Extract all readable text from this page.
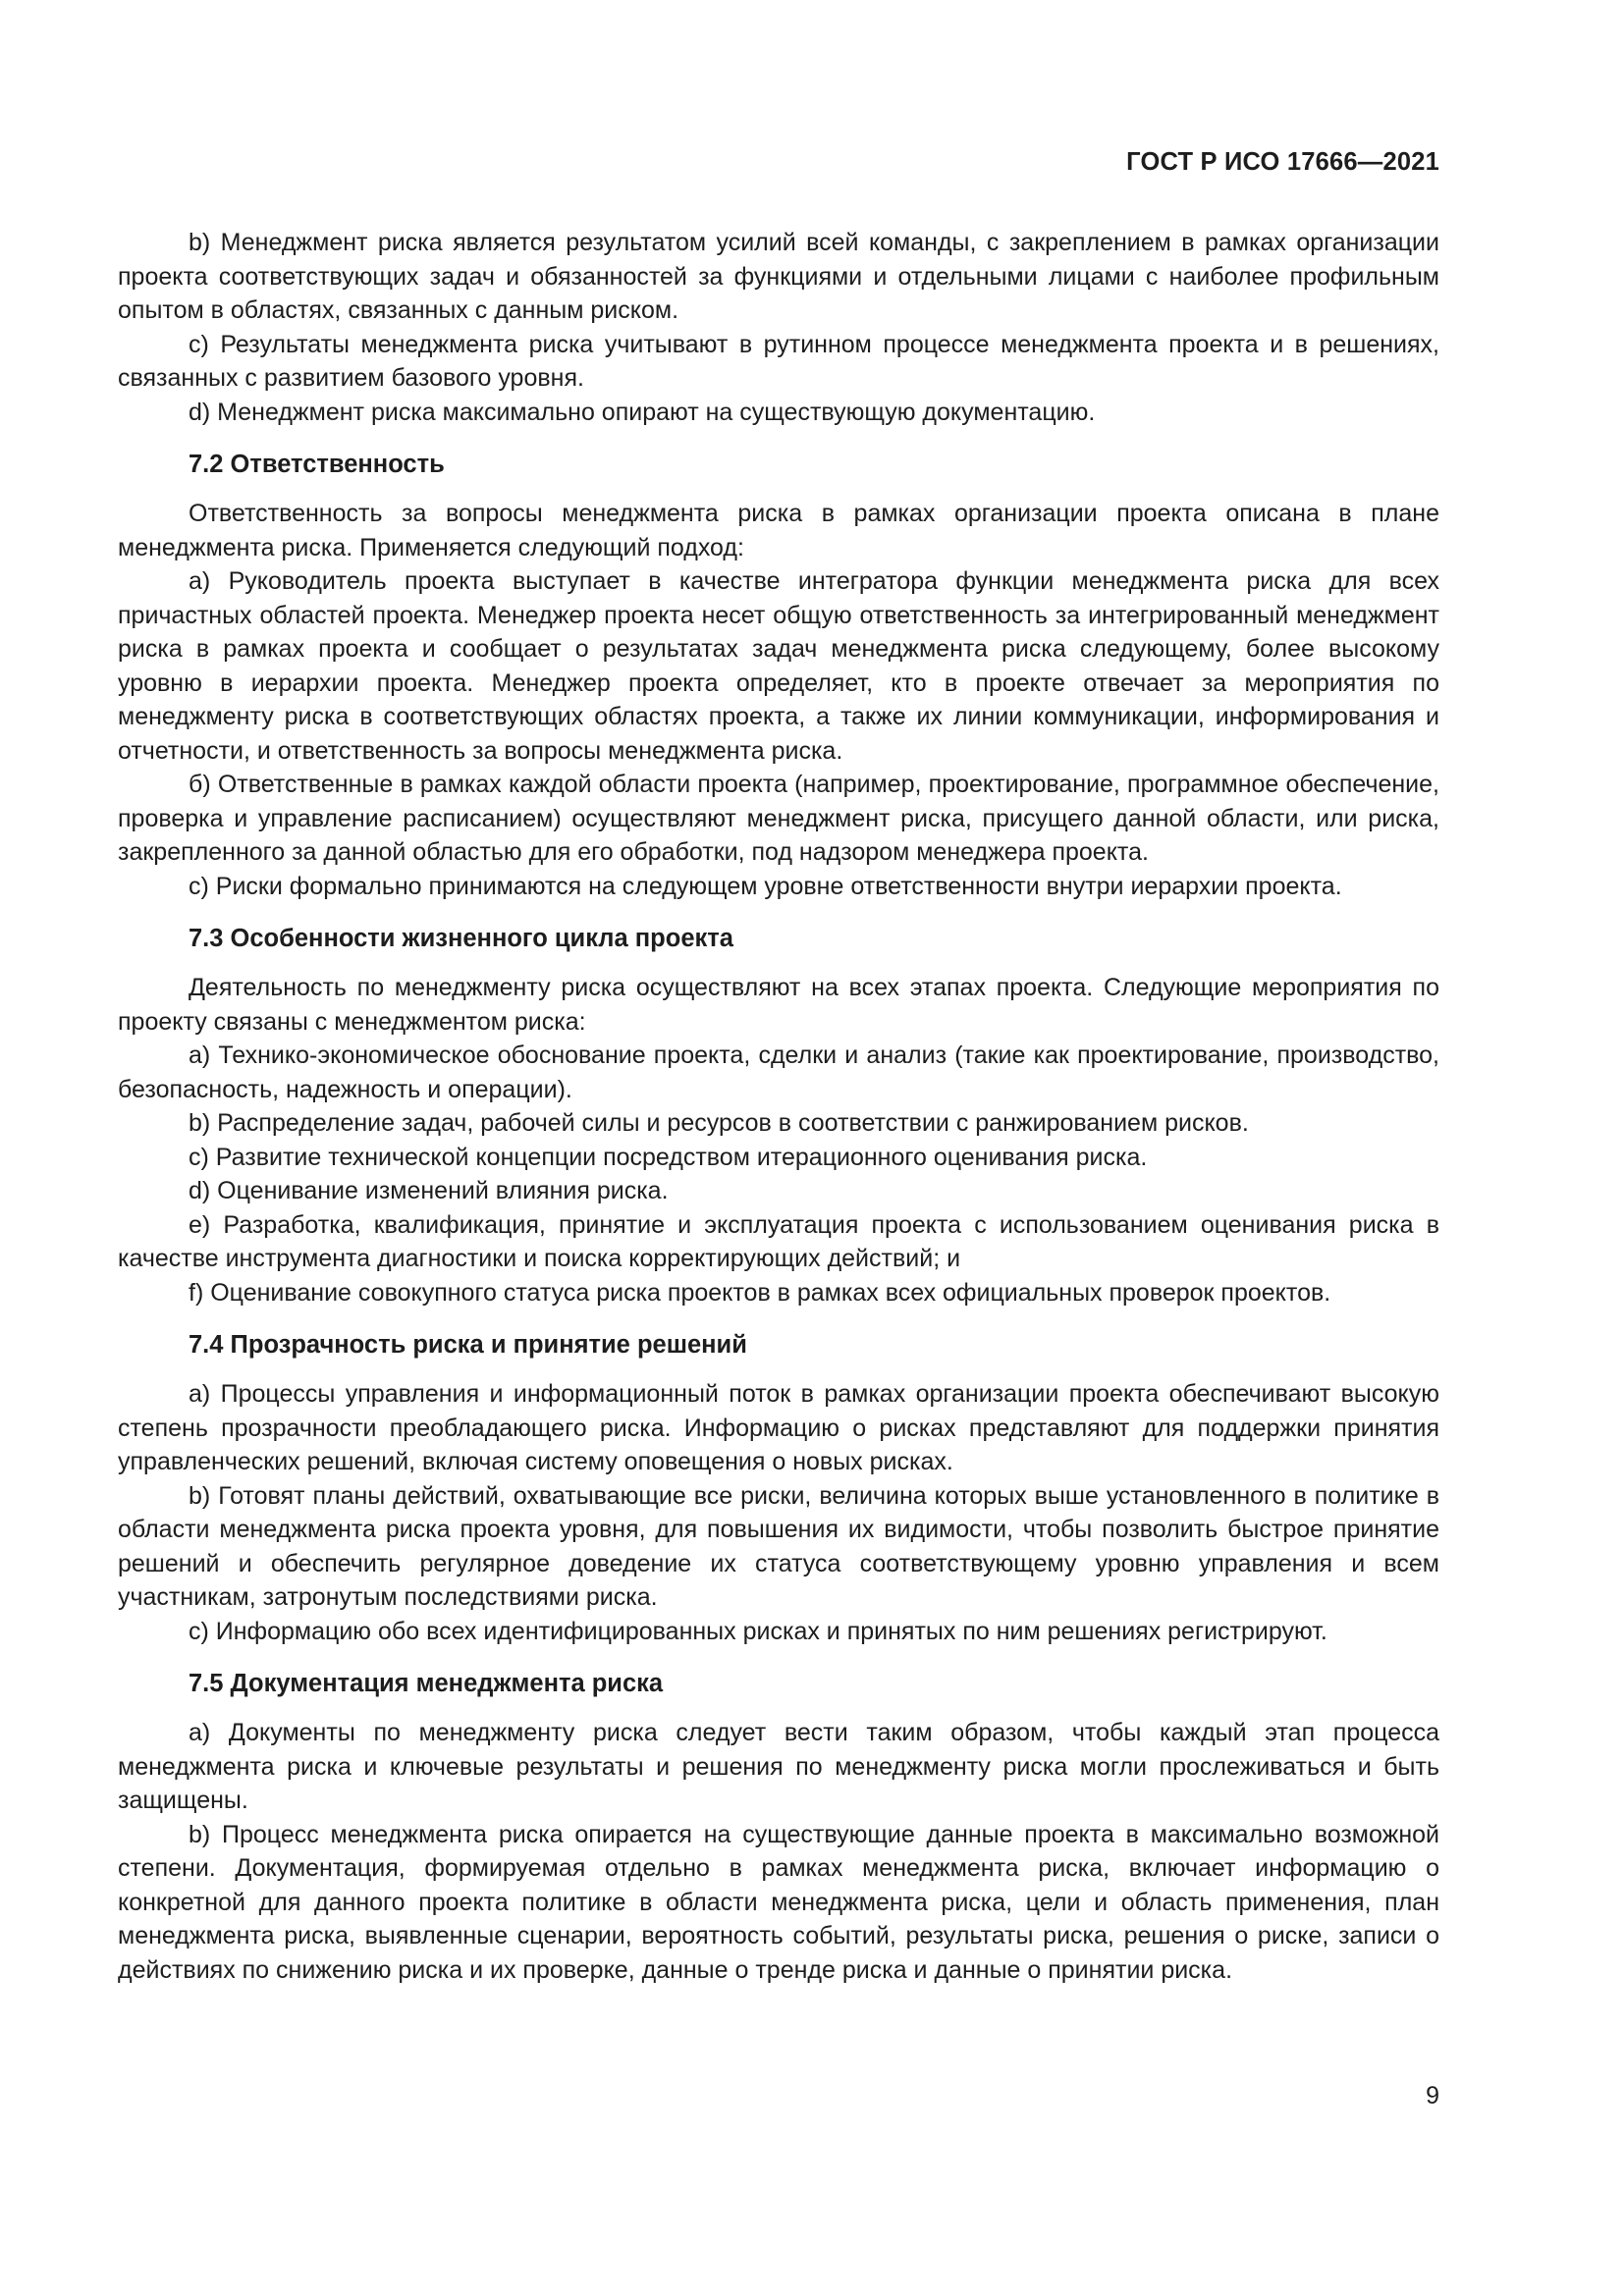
ГОСТ Р ИСО 17666—2021

b) Менеджмент риска является результатом усилий всей команды, с закреплением в рамках организации проекта соответствующих задач и обязанностей за функциями и отдельными лицами с наиболее профильным опытом в областях, связанных с данным риском.

c) Результаты менеджмента риска учитывают в рутинном процессе менеджмента проекта и в решениях, связанных с развитием базового уровня.

d) Менеджмент риска максимально опирают на существующую документацию.

7.2 Ответственность

Ответственность за вопросы менеджмента риска в рамках организации проекта описана в плане менеджмента риска. Применяется следующий подход:

a) Руководитель проекта выступает в качестве интегратора функции менеджмента риска для всех причастных областей проекта. Менеджер проекта несет общую ответственность за интегрированный менеджмент риска в рамках проекта и сообщает о результатах задач менеджмента риска следующему, более высокому уровню в иерархии проекта. Менеджер проекта определяет, кто в проекте отвечает за мероприятия по менеджменту риска в соответствующих областях проекта, а также их линии коммуникации, информирования и отчетности, и ответственность за вопросы менеджмента риска.

б) Ответственные в рамках каждой области проекта (например, проектирование, программное обеспечение, проверка и управление расписанием) осуществляют менеджмент риска, присущего данной области, или риска, закрепленного за данной областью для его обработки, под надзором менеджера проекта.

c) Риски формально принимаются на следующем уровне ответственности внутри иерархии проекта.

7.3 Особенности жизненного цикла проекта

Деятельность по менеджменту риска осуществляют на всех этапах проекта. Следующие мероприятия по проекту связаны с менеджментом риска:

a) Технико-экономическое обоснование проекта, сделки и анализ (такие как проектирование, производство, безопасность, надежность и операции).

b) Распределение задач, рабочей силы и ресурсов в соответствии с ранжированием рисков.

c) Развитие технической концепции посредством итерационного оценивания риска.

d) Оценивание изменений влияния риска.

e) Разработка, квалификация, принятие и эксплуатация проекта с использованием оценивания риска в качестве инструмента диагностики и поиска корректирующих действий; и

f) Оценивание совокупного статуса риска проектов в рамках всех официальных проверок проектов.

7.4 Прозрачность риска и принятие решений

a) Процессы управления и информационный поток в рамках организации проекта обеспечивают высокую степень прозрачности преобладающего риска. Информацию о рисках представляют для поддержки принятия управленческих решений, включая систему оповещения о новых рисках.

b) Готовят планы действий, охватывающие все риски, величина которых выше установленного в политике в области менеджмента риска проекта уровня, для повышения их видимости, чтобы позволить быстрое принятие решений и обеспечить регулярное доведение их статуса соответствующему уровню управления и всем участникам, затронутым последствиями риска.

c) Информацию обо всех идентифицированных рисках и принятых по ним решениях регистрируют.

7.5 Документация менеджмента риска

a) Документы по менеджменту риска следует вести таким образом, чтобы каждый этап процесса менеджмента риска и ключевые результаты и решения по менеджменту риска могли прослеживаться и быть защищены.

b) Процесс менеджмента риска опирается на существующие данные проекта в максимально возможной степени. Документация, формируемая отдельно в рамках менеджмента риска, включает информацию о конкретной для данного проекта политике в области менеджмента риска, цели и область применения, план менеджмента риска, выявленные сценарии, вероятность событий, результаты риска, решения о риске, записи о действиях по снижению риска и их проверке, данные о тренде риска и данные о принятии риска.

9
